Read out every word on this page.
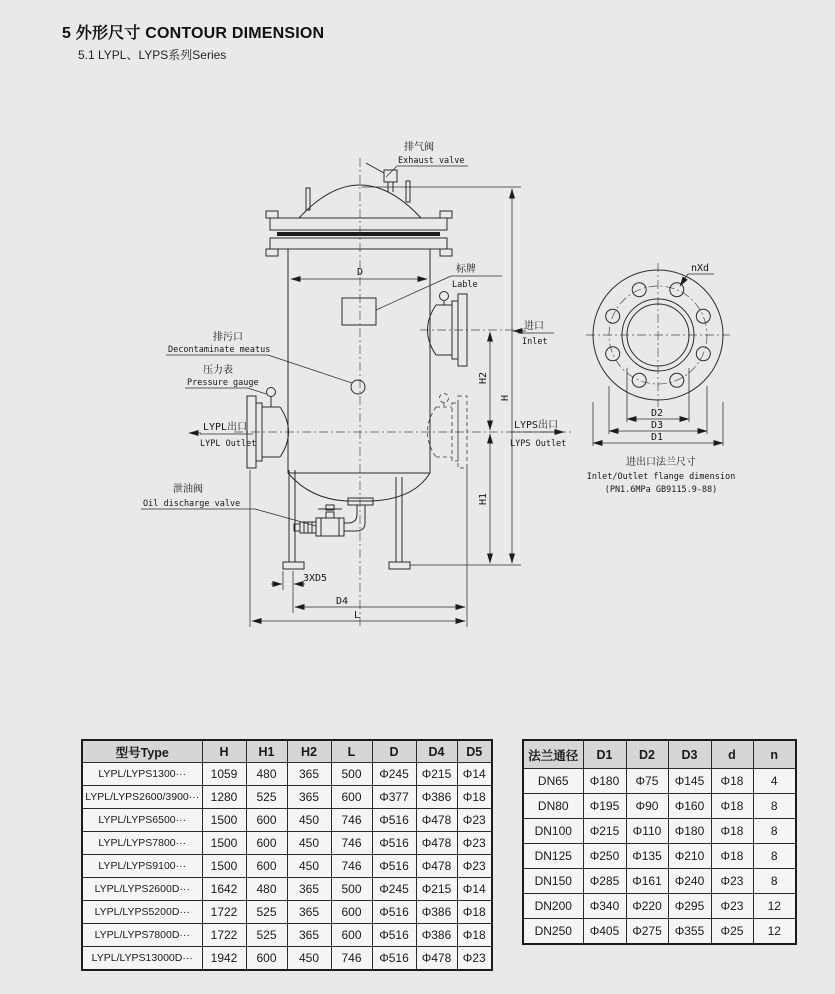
5 外形尺寸 CONTOUR DIMENSION
5.1 LYPL、LYPS系列Series
排气阀
Exhaust valve
标牌
Lable
排污口
Decontaminate meatus
压力表
Pressure gauge
LYPL出口
LYPL Outlet
泄油阀
Oil discharge valve
进口
Inlet
LYPS出口
LYPS Outlet
D
H
H2
H1
3XD5
D4
L
nXd
D2
D3
D1
进出口法兰尺寸
Inlet/Outlet flange dimension
(PN1.6MPa GB9115.9-88)
型号Type	H	H1	H2	L	D	D4	D5
LYPL/LYPS1300···	1059	480	365	500	Φ245	Φ215	Φ14
LYPL/LYPS2600/3900···	1280	525	365	600	Φ377	Φ386	Φ18
LYPL/LYPS6500···	1500	600	450	746	Φ516	Φ478	Φ23
LYPL/LYPS7800···	1500	600	450	746	Φ516	Φ478	Φ23
LYPL/LYPS9100···	1500	600	450	746	Φ516	Φ478	Φ23
LYPL/LYPS2600D···	1642	480	365	500	Φ245	Φ215	Φ14
LYPL/LYPS5200D···	1722	525	365	600	Φ516	Φ386	Φ18
LYPL/LYPS7800D···	1722	525	365	600	Φ516	Φ386	Φ18
LYPL/LYPS13000D···	1942	600	450	746	Φ516	Φ478	Φ23
法兰通径	D1	D2	D3	d	n
DN65	Φ180	Φ75	Φ145	Φ18	4
DN80	Φ195	Φ90	Φ160	Φ18	8
DN100	Φ215	Φ110	Φ180	Φ18	8
DN125	Φ250	Φ135	Φ210	Φ18	8
DN150	Φ285	Φ161	Φ240	Φ23	8
DN200	Φ340	Φ220	Φ295	Φ23	12
DN250	Φ405	Φ275	Φ355	Φ25	12
